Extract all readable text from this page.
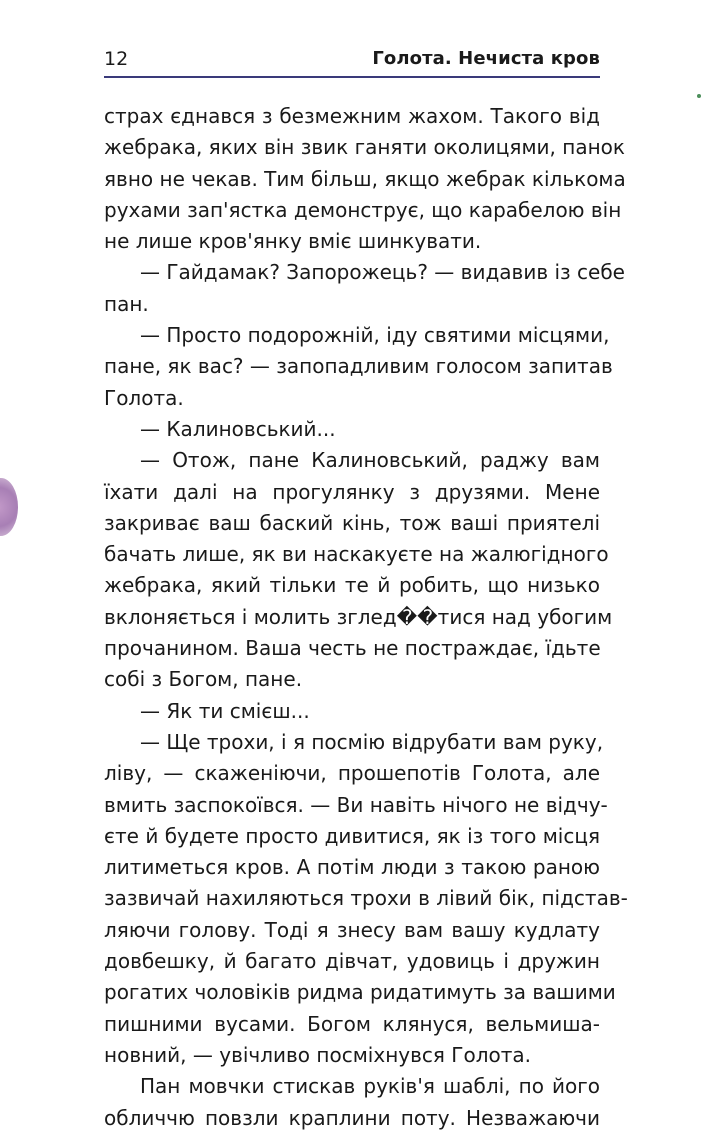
12	Голота. Нечиста кров
страх єднався з безмежним жахом. Такого від
жебрака, яких він звик ганяти околицями, панок
явно не чекав. Тим більш, якщо жебрак кількома
рухами зап'ястка демонструє, що карабелою він
не лише кров'янку вміє шинкувати.
— Гайдамак? Запорожець? — видавив із себе
пан.
— Просто подорожній, іду святими місцями,
пане, як вас? — запопадливим голосом запитав
Голота.
— Калиновський...
— Отож, пане Калиновський, раджу вам
їхати далі на прогулянку з друзями. Мене
закриває ваш баский кінь, тож ваші приятелі
бачать лише, як ви наскакуєте на жалюгідного
жебрака, який тільки те й робить, що низько
вклоняється і молить зглед��тися над убогим
прочанином. Ваша честь не постраждає, їдьте
собі з Богом, пане.
— Як ти смієш...
— Ще трохи, і я посмію відрубати вам руку,
ліву, — скаженіючи, прошепотів Голота, але
вмить заспокоївся. — Ви навіть нічого не відчу-
єте й будете просто дивитися, як із того місця
литиметься кров. А потім люди з такою раною
зазвичай нахиляються трохи в лівий бік, підстав-
ляючи голову. Тоді я знесу вам вашу кудлату
довбешку, й багато дівчат, удовиць і дружин
рогатих чоловіків ридма ридатимуть за вашими
пишними вусами. Богом клянуся, вельмиша-
новний, — увічливо посміхнувся Голота.
Пан мовчки стискав руків'я шаблі, по його
обличчю повзли краплини поту. Незважаючи
